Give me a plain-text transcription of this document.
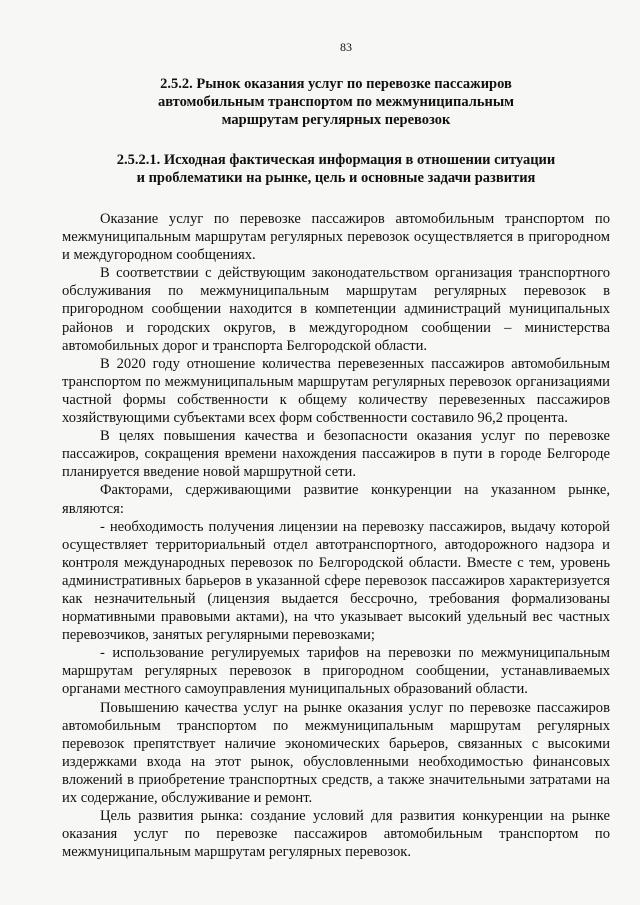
83
2.5.2. Рынок оказания услуг по перевозке пассажиров
автомобильным транспортом по межмуниципальным
маршрутам регулярных перевозок
2.5.2.1. Исходная фактическая информация в отношении ситуации
и проблематики на рынке, цель и основные задачи развития

Оказание услуг по перевозке пассажиров автомобильным транспортом по межмуниципальным маршрутам регулярных перевозок осуществляется в пригородном и междугородном сообщениях.

В соответствии с действующим законодательством организация транспортного обслуживания по межмуниципальным маршрутам регулярных перевозок в пригородном сообщении находится в компетенции администраций муниципальных районов и городских округов, в междугородном сообщении – министерства автомобильных дорог и транспорта Белгородской области.

В 2020 году отношение количества перевезенных пассажиров автомобильным транспортом по межмуниципальным маршрутам регулярных перевозок организациями частной формы собственности к общему количеству перевезенных пассажиров хозяйствующими субъектами всех форм собственности составило 96,2 процента.

В целях повышения качества и безопасности оказания услуг по перевозке пассажиров, сокращения времени нахождения пассажиров в пути в городе Белгороде планируется введение новой маршрутной сети.

Факторами, сдерживающими развитие конкуренции на указанном рынке, являются:

- необходимость получения лицензии на перевозку пассажиров, выдачу которой осуществляет территориальный отдел автотранспортного, автодорожного надзора и контроля международных перевозок по Белгородской области. Вместе с тем, уровень административных барьеров в указанной сфере перевозок пассажиров характеризуется как незначительный (лицензия выдается бессрочно, требования формализованы нормативными правовыми актами), на что указывает высокий удельный вес частных перевозчиков, занятых регулярными перевозками;

- использование регулируемых тарифов на перевозки по межмуниципальным маршрутам регулярных перевозок в пригородном сообщении, устанавливаемых органами местного самоуправления муниципальных образований области.

Повышению качества услуг на рынке оказания услуг по перевозке пассажиров автомобильным транспортом по межмуниципальным маршрутам регулярных перевозок препятствует наличие экономических барьеров, связанных с высокими издержками входа на этот рынок, обусловленными необходимостью финансовых вложений в приобретение транспортных средств, а также значительными затратами на их содержание, обслуживание и ремонт.

Цель развития рынка: создание условий для развития конкуренции на рынке оказания услуг по перевозке пассажиров автомобильным транспортом по межмуниципальным маршрутам регулярных перевозок.
